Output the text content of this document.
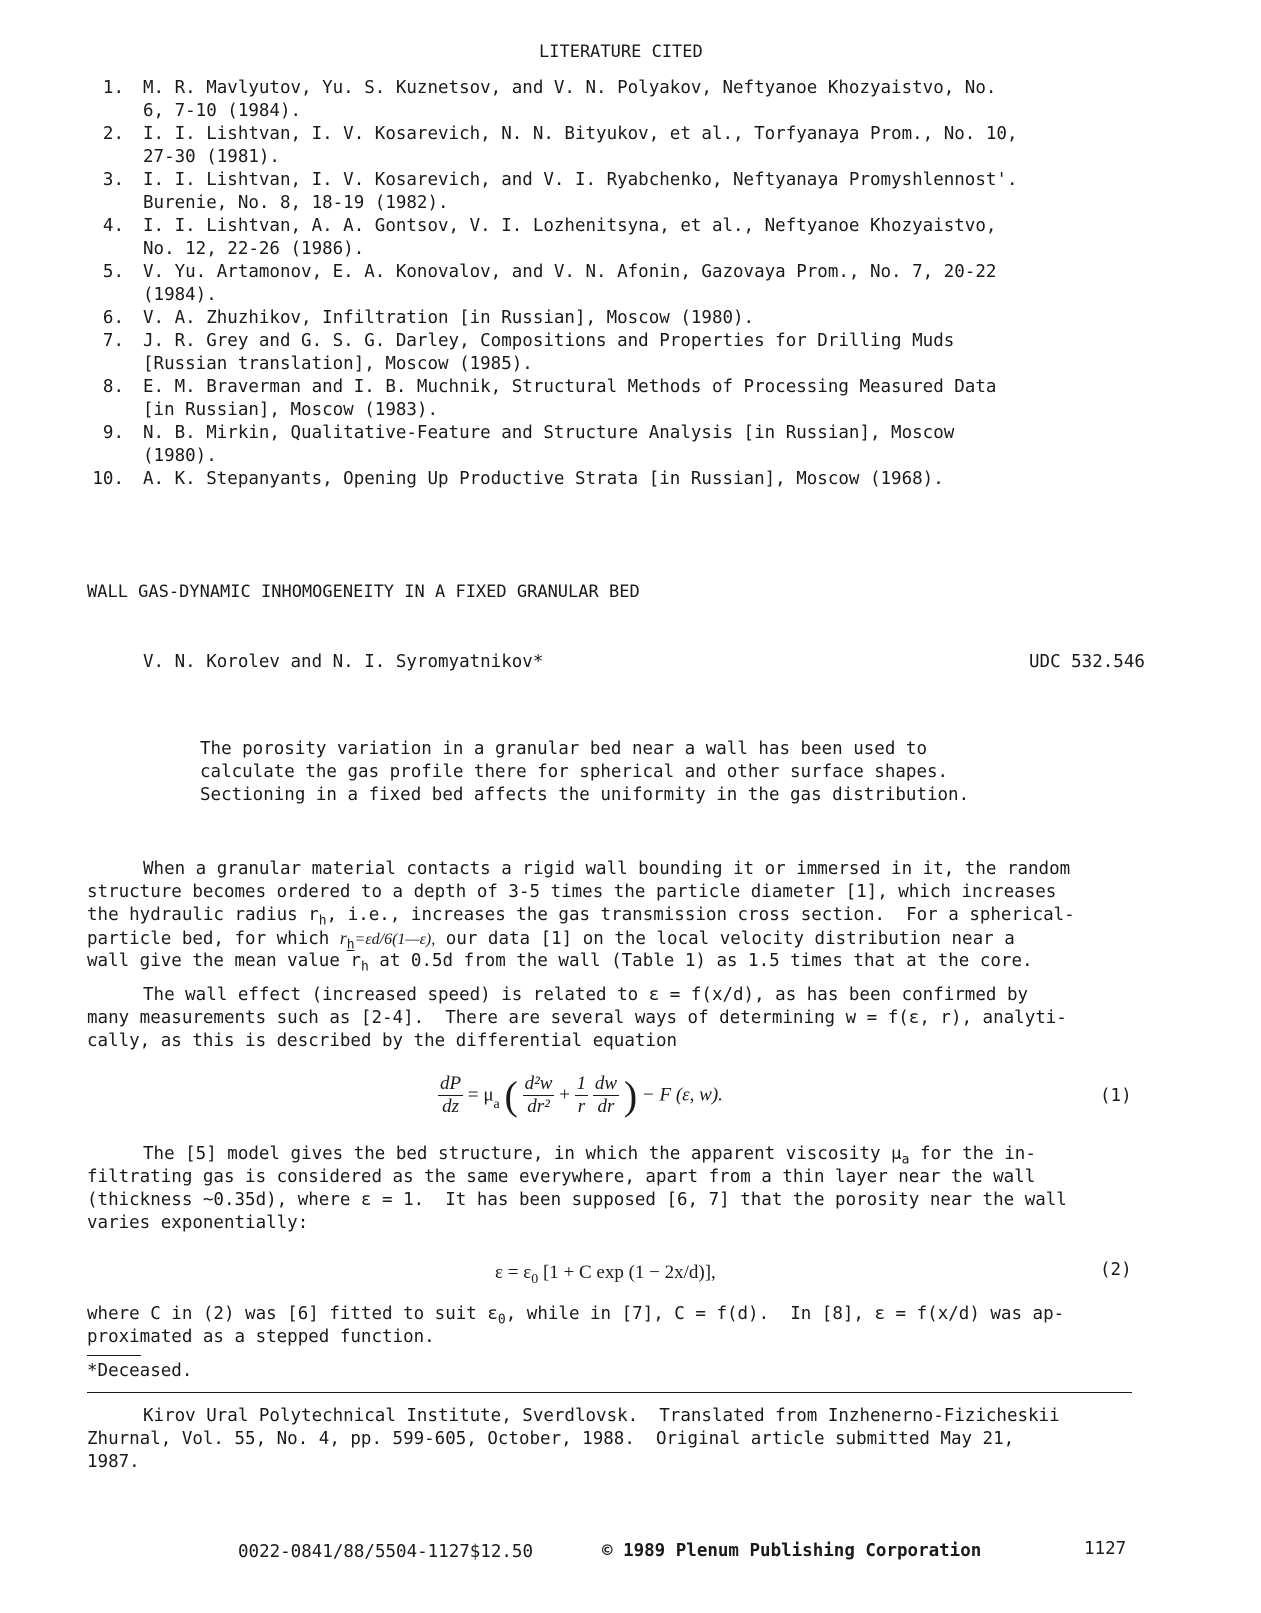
LITERATURE CITED
1. M. R. Mavlyutov, Yu. S. Kuznetsov, and V. N. Polyakov, Neftyanoe Khozyaistvo, No.
6, 7-10 (1984).
2. I. I. Lishtvan, I. V. Kosarevich, N. N. Bityukov, et al., Torfyanaya Prom., No. 10,
27-30 (1981).
3. I. I. Lishtvan, I. V. Kosarevich, and V. I. Ryabchenko, Neftyanaya Promyshlennost'.
Burenie, No. 8, 18-19 (1982).
4. I. I. Lishtvan, A. A. Gontsov, V. I. Lozhenitsyna, et al., Neftyanoe Khozyaistvo,
No. 12, 22-26 (1986).
5. V. Yu. Artamonov, E. A. Konovalov, and V. N. Afonin, Gazovaya Prom., No. 7, 20-22
(1984).
6. V. A. Zhuzhikov, Infiltration [in Russian], Moscow (1980).
7. J. R. Grey and G. S. G. Darley, Compositions and Properties for Drilling Muds
[Russian translation], Moscow (1985).
8. E. M. Braverman and I. B. Muchnik, Structural Methods of Processing Measured Data
[in Russian], Moscow (1983).
9. N. B. Mirkin, Qualitative-Feature and Structure Analysis [in Russian], Moscow
(1980).
10. A. K. Stepanyants, Opening Up Productive Strata [in Russian], Moscow (1968).
WALL GAS-DYNAMIC INHOMOGENEITY IN A FIXED GRANULAR BED
V. N. Korolev and N. I. Syromyatnikov*	UDC 532.546
The porosity variation in a granular bed near a wall has been used to
calculate the gas profile there for spherical and other surface shapes.
Sectioning in a fixed bed affects the uniformity in the gas distribution.
When a granular material contacts a rigid wall bounding it or immersed in it, the random
structure becomes ordered to a depth of 3-5 times the particle diameter [1], which increases
the hydraulic radius $r_h$, i.e., increases the gas transmission cross section.  For a spherical-
particle bed, for which $r_h=\varepsilon d/6(1—\varepsilon)$, our data [1] on the local velocity distribution near a
wall give the mean value $r_h$ at 0.5d from the wall (Table 1) as 1.5 times that at the core.
The wall effect (increased speed) is related to ε = f(x/d), as has been confirmed by
many measurements such as [2-4].  There are several ways of determining w = f(ε, r), analyti-
cally, as this is described by the differential equation
$\frac{dP}{dz} = \mu_a$ ( $\frac{\text{d²w}}{\text{dr²}} + \frac{1}{r}$
$\frac{dw}{dr}$ ) − F (ε, w).	(1)
The [5] model gives the bed structure, in which the apparent viscosity $\mu_a$ for the in-
filtrating gas is considered as the same everywhere, apart from a thin layer near the wall
(thickness ~0.35d), where ε = 1.  It has been supposed [6, 7] that the porosity near the wall
varies exponentially:
$\varepsilon = \varepsilon_0$ [1 + C exp (1 − 2x/d)],	(2)
where C in (2) was [6] fitted to suit $\varepsilon_0$, while in [7], C = f(d).  In [8], ε = f(x/d) was ap-
proximated as a stepped function.
*Deceased.
Kirov Ural Polytechnical Institute, Sverdlovsk.  Translated from Inzhenerno-Fizicheskii
Zhurnal, Vol. 55, No. 4, pp. 599-605, October, 1988.  Original article submitted May 21,
1987.
0022-0841/88/5504-1127$12.50	© 1989 Plenum Publishing Corporation	1127
